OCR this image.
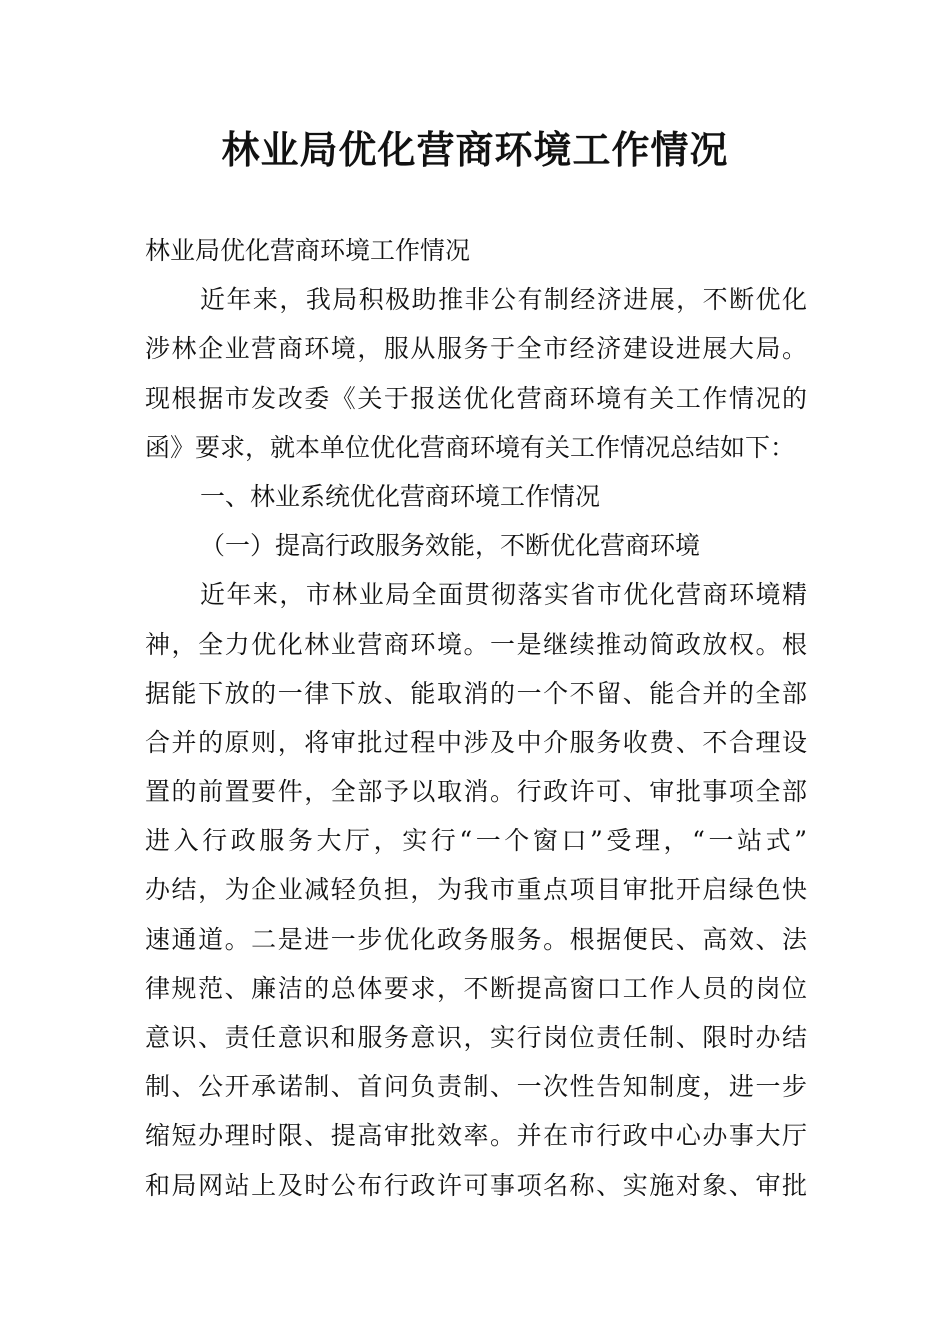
林业局优化营商环境工作情况
林业局优化营商环境工作情况
近年来，我局积极助推非公有制经济进展，不断优化
涉林企业营商环境，服从服务于全市经济建设进展大局。
现根据市发改委《关于报送优化营商环境有关工作情况的
函》要求，就本单位优化营商环境有关工作情况总结如下：
一、林业系统优化营商环境工作情况
（一）提高行政服务效能，不断优化营商环境
近年来，市林业局全面贯彻落实省市优化营商环境精
神，全力优化林业营商环境。一是继续推动简政放权。根
据能下放的一律下放、能取消的一个不留、能合并的全部
合并的原则，将审批过程中涉及中介服务收费、不合理设
置的前置要件，全部予以取消。行政许可、审批事项全部
进入行政服务大厅，实行“一个窗口”受理，“一站式”
办结，为企业减轻负担，为我市重点项目审批开启绿色快
速通道。二是进一步优化政务服务。根据便民、高效、法
律规范、廉洁的总体要求，不断提高窗口工作人员的岗位
意识、责任意识和服务意识，实行岗位责任制、限时办结
制、公开承诺制、首问负责制、一次性告知制度，进一步
缩短办理时限、提高审批效率。并在市行政中心办事大厅
和局网站上及时公布行政许可事项名称、实施对象、审批
